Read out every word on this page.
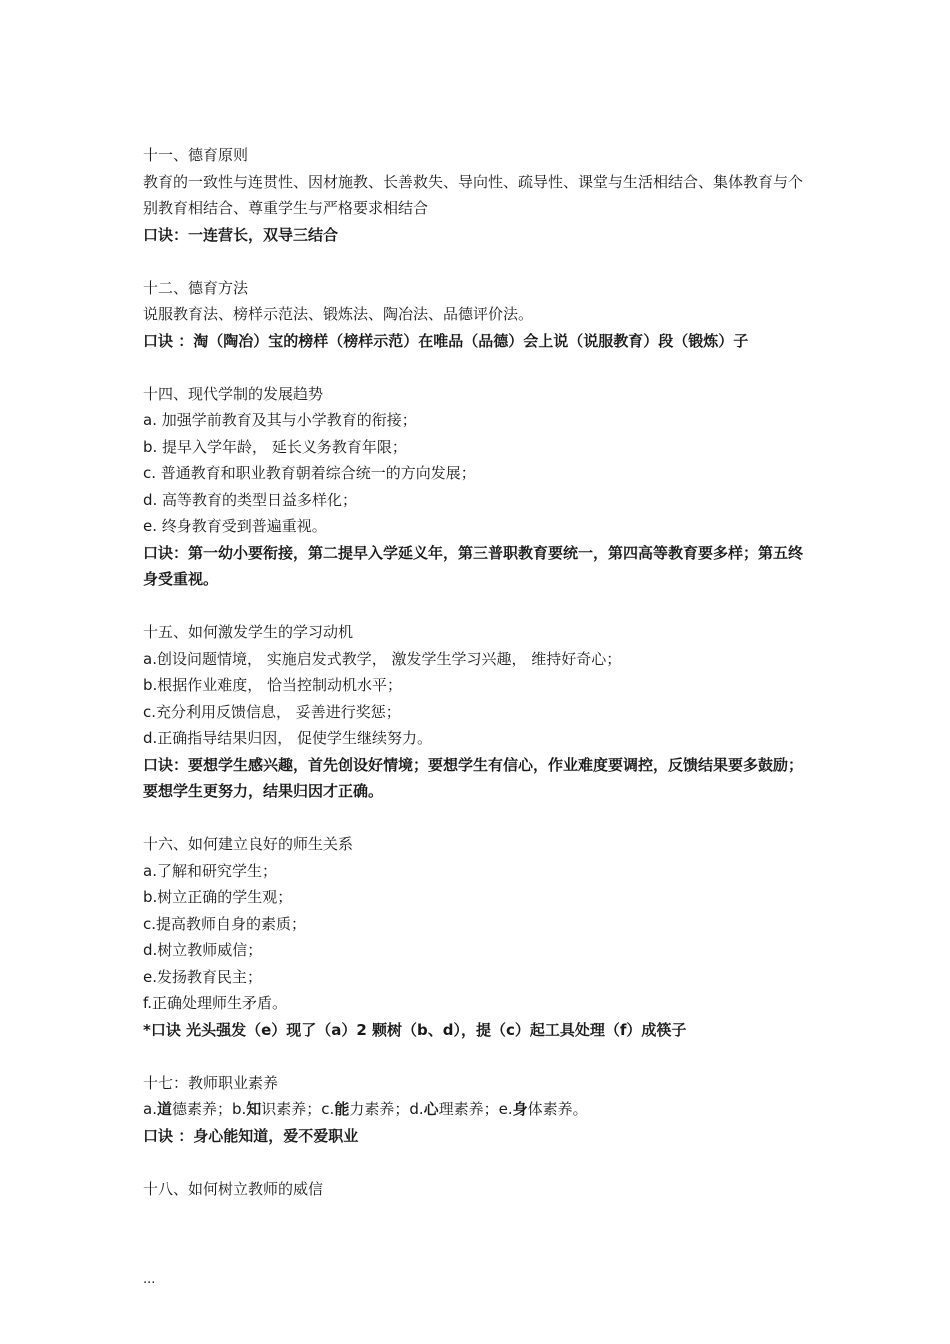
十一、德育原则
教育的一致性与连贯性、因材施教、长善救失、导向性、疏导性、课堂与生活相结合、集体教育与个别教育相结合、尊重学生与严格要求相结合
口诀：一连营长，双导三结合
十二、德育方法
说服教育法、榜样示范法、锻炼法、陶冶法、品德评价法。
口诀 ：淘（陶冶）宝的榜样（榜样示范）在唯品（品德）会上说（说服教育）段（锻炼）子
十四、现代学制的发展趋势
a. 加强学前教育及其与小学教育的衔接；
b. 提早入学年龄， 延长义务教育年限；
c. 普通教育和职业教育朝着综合统一的方向发展；
d. 高等教育的类型日益多样化；
e. 终身教育受到普遍重视。
口诀：第一幼小要衔接，第二提早入学延义年，第三普职教育要统一，第四高等教育要多样；第五终身受重视。
十五、如何激发学生的学习动机
a.创设问题情境， 实施启发式教学， 激发学生学习兴趣， 维持好奇心；
b.根据作业难度， 恰当控制动机水平；
c.充分利用反馈信息， 妥善进行奖惩；
d.正确指导结果归因， 促使学生继续努力。
口诀：要想学生感兴趣，首先创设好情境；要想学生有信心，作业难度要调控，反馈结果要多鼓励；要想学生更努力，结果归因才正确。
十六、如何建立良好的师生关系
a.了解和研究学生；
b.树立正确的学生观；
c.提高教师自身的素质；
d.树立教师威信；
e.发扬教育民主；
f.正确处理师生矛盾。
*口诀 光头强发（e）现了（a）2 颗树（b、d），提（c）起工具处理（f）成筷子
十七：教师职业素养
a.道德素养；b.知识素养；c.能力素养；d.心理素养；e.身体素养。
口诀 ：身心能知道，爱不爱职业
十八、如何树立教师的威信
...
